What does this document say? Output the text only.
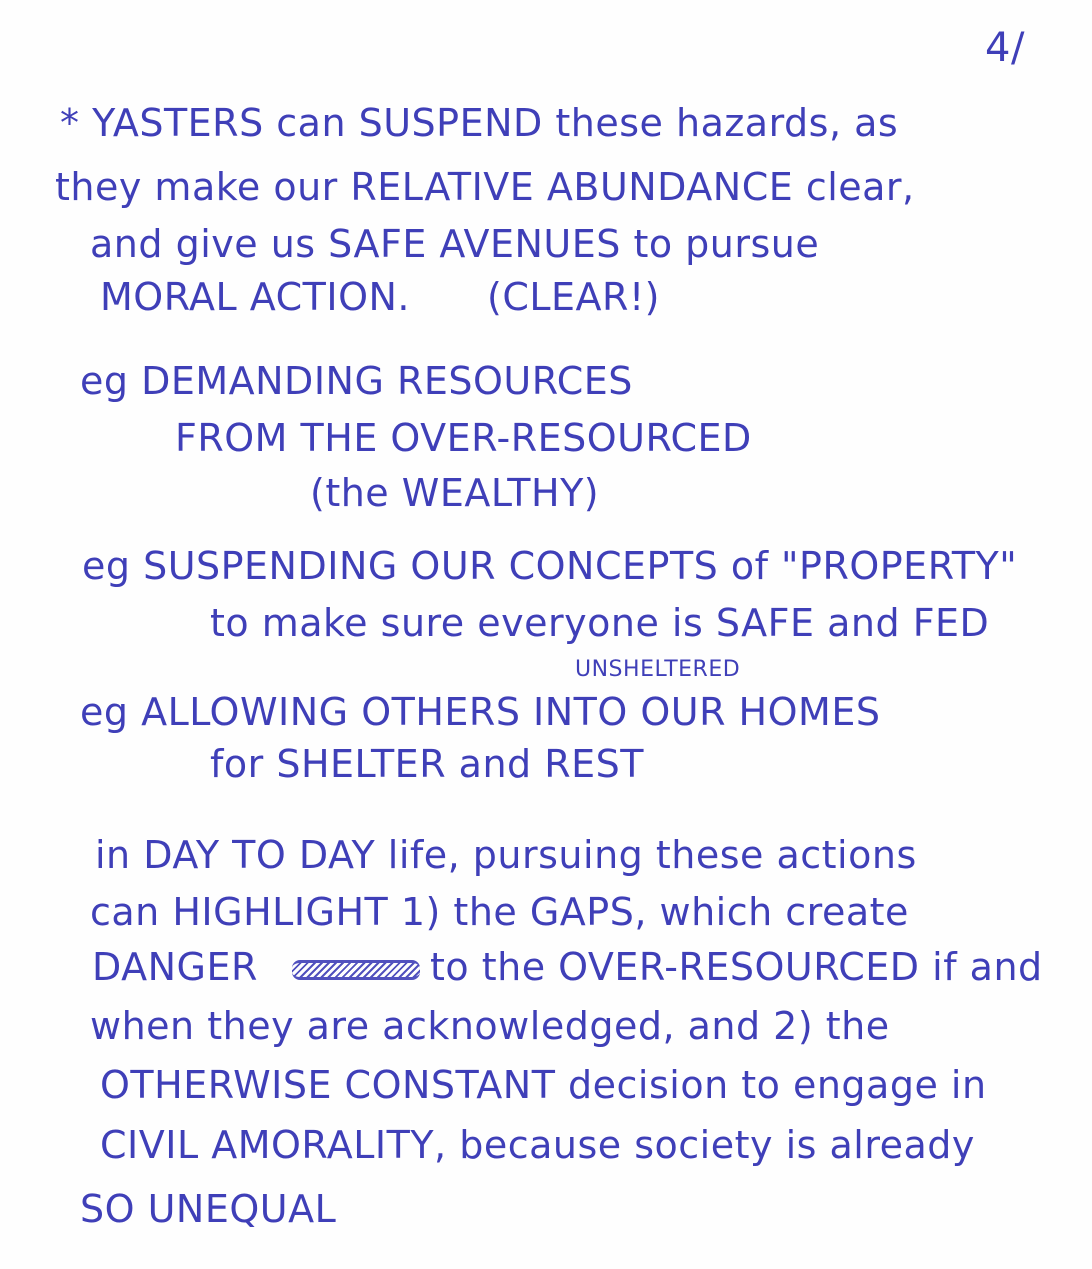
4/
* YASTERS can SUSPEND these hazards, as
they make our RELATIVE ABUNDANCE clear,
and give us SAFE AVENUES to pursue
MORAL ACTION. (CLEAR!)
eg DEMANDING RESOURCES
FROM THE OVER-RESOURCED
(the WEALTHY)
eg SUSPENDING OUR CONCEPTS of "PROPERTY"
to make sure everyone is SAFE and FED
UNSHELTERED
eg ALLOWING OTHERS INTO OUR HOMES
for SHELTER and REST
in DAY TO DAY life, pursuing these actions
can HIGHLIGHT 1) the GAPS, which create
DANGER	to the OVER-RESOURCED if and
when they are acknowledged, and 2) the
OTHERWISE CONSTANT decision to engage in
CIVIL AMORALITY, because society is already
SO UNEQUAL
